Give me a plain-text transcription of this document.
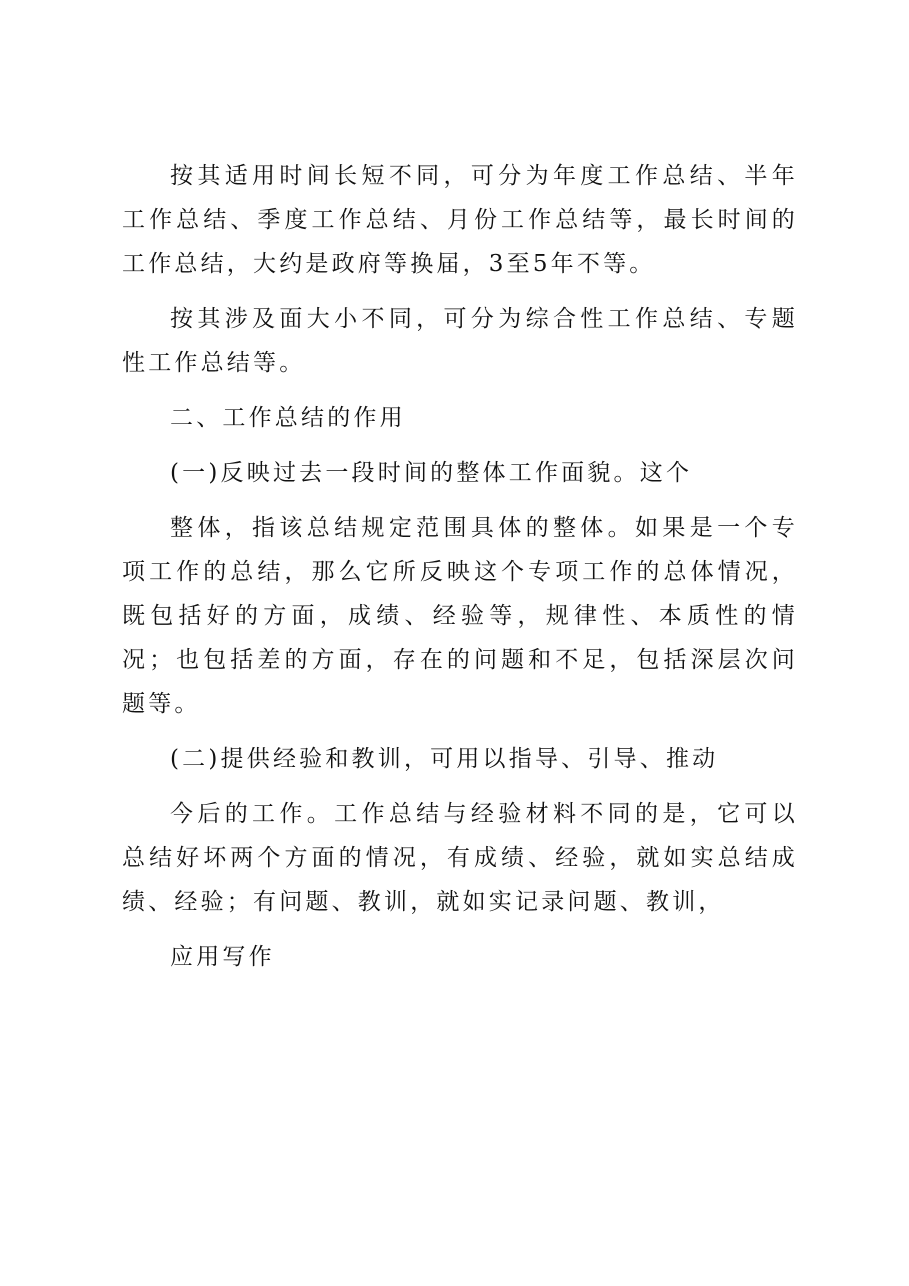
按其适用时间长短不同，可分为年度工作总结、半年工作总结、季度工作总结、月份工作总结等，最长时间的工作总结，大约是政府等换届，3至5年不等。

按其涉及面大小不同，可分为综合性工作总结、专题性工作总结等。

二、工作总结的作用

(一)反映过去一段时间的整体工作面貌。这个

整体，指该总结规定范围具体的整体。如果是一个专项工作的总结，那么它所反映这个专项工作的总体情况，既包括好的方面，成绩、经验等，规律性、本质性的情况；也包括差的方面，存在的问题和不足，包括深层次问题等。

(二)提供经验和教训，可用以指导、引导、推动

今后的工作。工作总结与经验材料不同的是，它可以总结好坏两个方面的情况，有成绩、经验，就如实总结成绩、经验；有问题、教训，就如实记录问题、教训，

应用写作
